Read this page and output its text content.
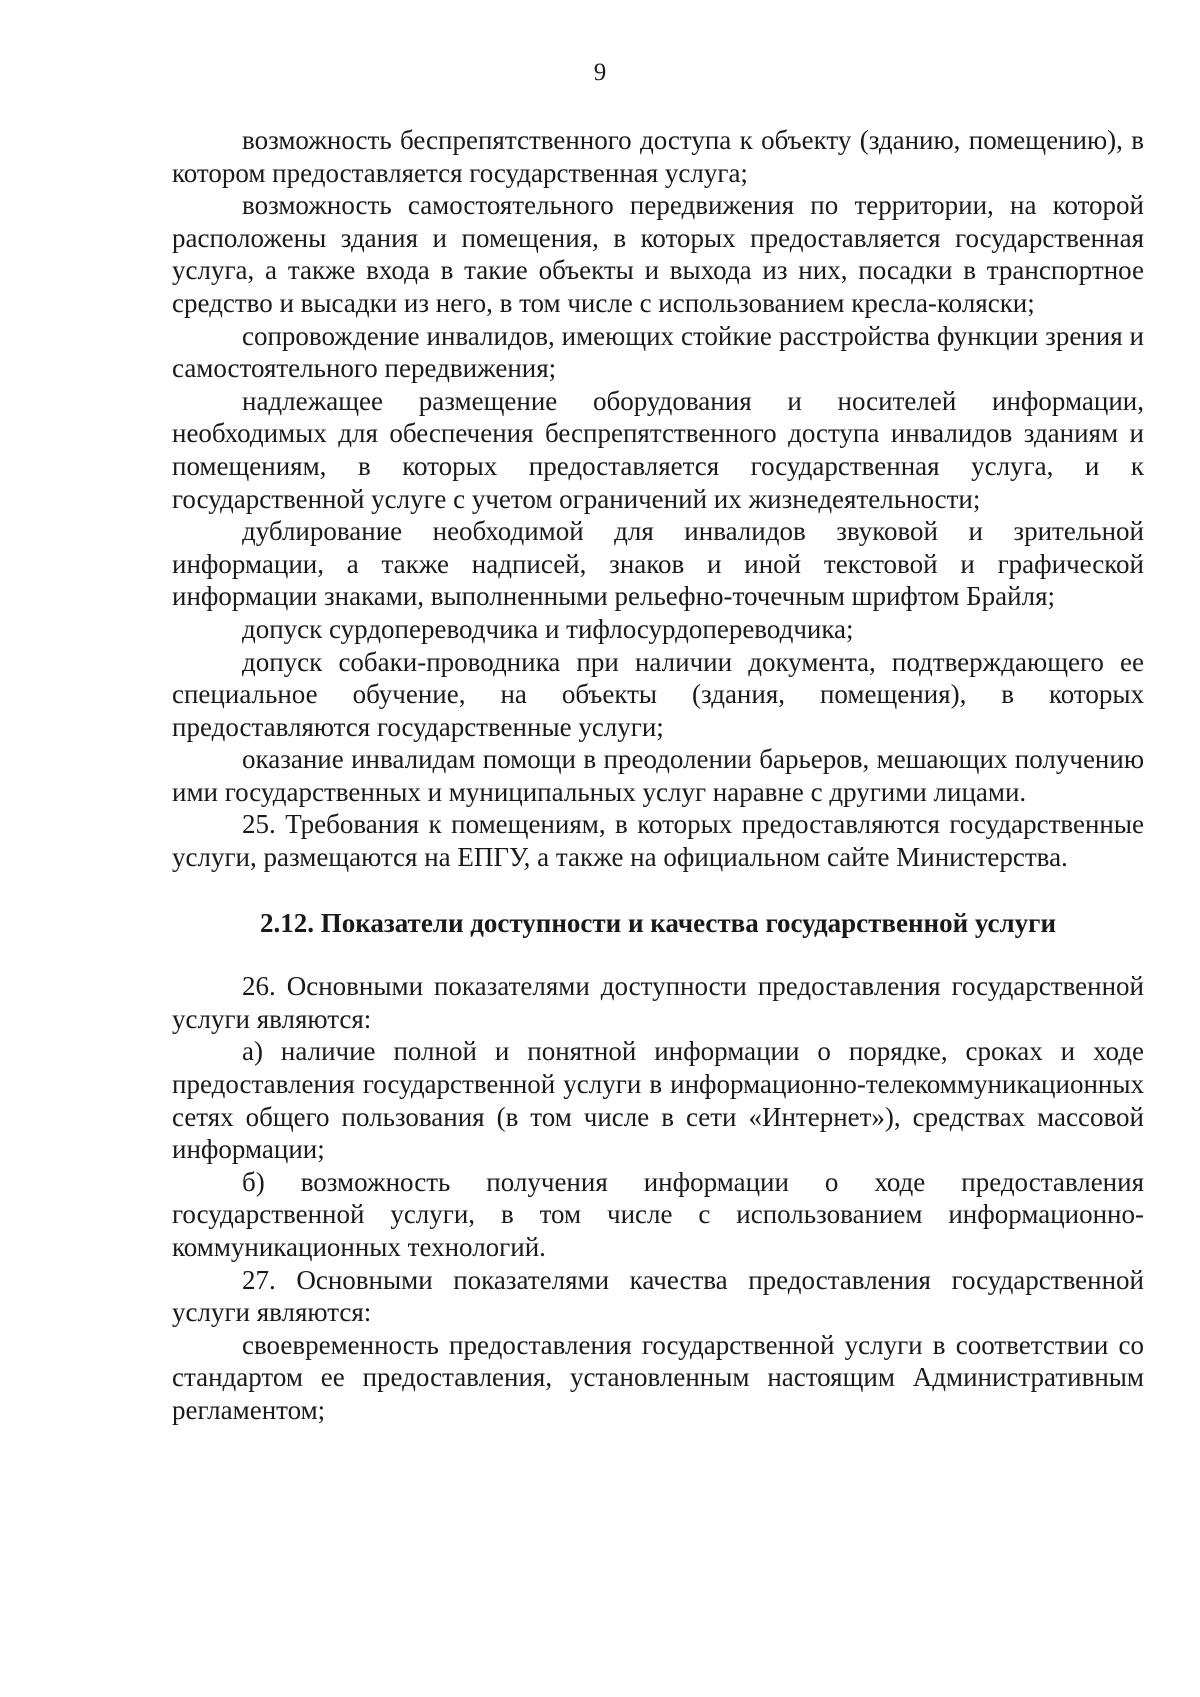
9

возможность беспрепятственного доступа к объекту (зданию, помещению), в котором предоставляется государственная услуга;

возможность самостоятельного передвижения по территории, на которой расположены здания и помещения, в которых предоставляется государственная услуга, а также входа в такие объекты и выхода из них, посадки в транспортное средство и высадки из него, в том числе с использованием кресла-коляски;

сопровождение инвалидов, имеющих стойкие расстройства функции зрения и самостоятельного передвижения;

надлежащее размещение оборудования и носителей информации, необходимых для обеспечения беспрепятственного доступа инвалидов зданиям и помещениям, в которых предоставляется государственная услуга, и к государственной услуге с учетом ограничений их жизнедеятельности;

дублирование необходимой для инвалидов звуковой и зрительной информации, а также надписей, знаков и иной текстовой и графической информации знаками, выполненными рельефно-точечным шрифтом Брайля;

допуск сурдопереводчика и тифлосурдопереводчика;

допуск собаки-проводника при наличии документа, подтверждающего ее специальное обучение, на объекты (здания, помещения), в которых предоставляются государственные услуги;

оказание инвалидам помощи в преодолении барьеров, мешающих получению ими государственных и муниципальных услуг наравне с другими лицами.

25. Требования к помещениям, в которых предоставляются государственные услуги, размещаются на ЕПГУ, а также на официальном сайте Министерства.

2.12. Показатели доступности и качества государственной услуги

26. Основными показателями доступности предоставления государственной услуги являются:

а) наличие полной и понятной информации о порядке, сроках и ходе предоставления государственной услуги в информационно-телекоммуникационных сетях общего пользования (в том числе в сети «Интернет»), средствах массовой информации;

б) возможность получения информации о ходе предоставления государственной услуги, в том числе с использованием информационно-коммуникационных технологий.

27. Основными показателями качества предоставления государственной услуги являются:

своевременность предоставления государственной услуги в соответствии со стандартом ее предоставления, установленным настоящим Административным регламентом;
